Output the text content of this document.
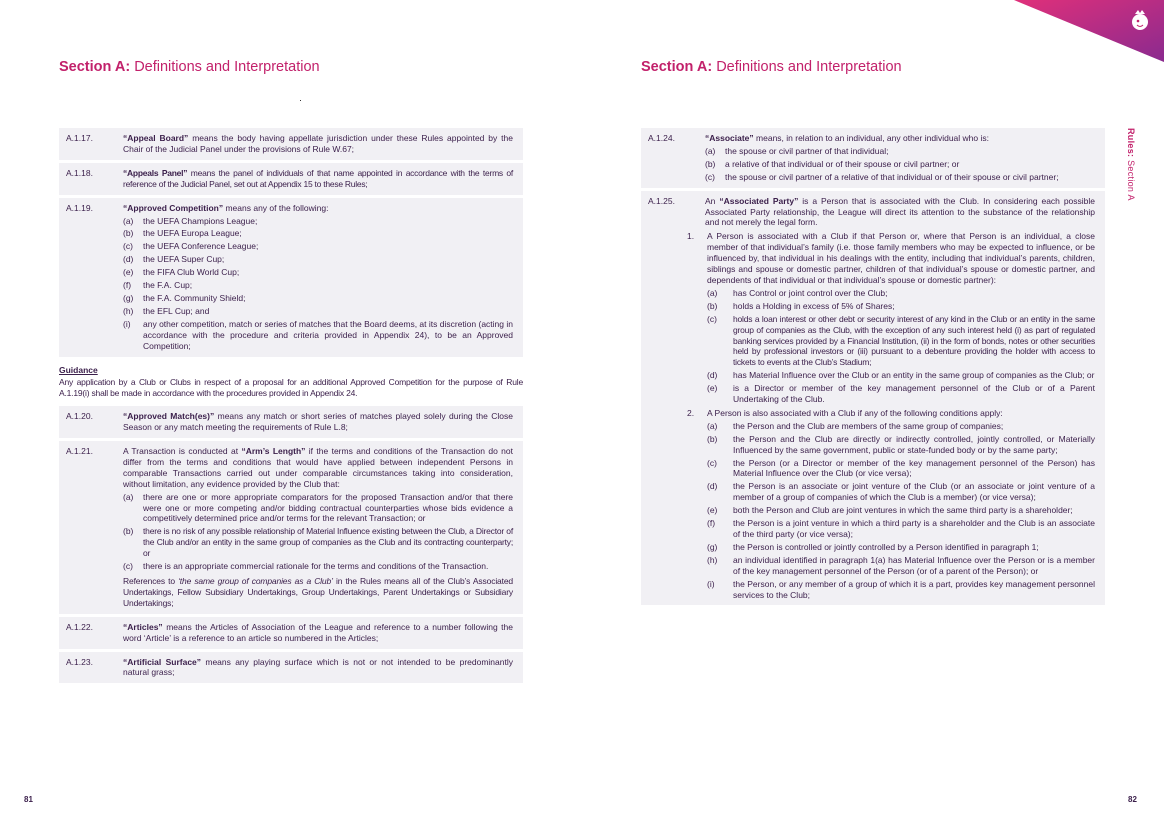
Section A: Definitions and Interpretation	Section A: Definitions and Interpretation
Rules: Section A
A.1.17.	“Appeal Board” means the body having appellate jurisdiction under these Rules appointed by the Chair of the Judicial Panel under the provisions of Rule W.67;
A.1.18.	“Appeals Panel” means the panel of individuals of that name appointed in accordance with the terms of reference of the Judicial Panel, set out at Appendix 15 to these Rules;
A.1.19.	“Approved Competition” means any of the following:
(a)	the UEFA Champions League;
(b)	the UEFA Europa League;
(c)	the UEFA Conference League;
(d)	the UEFA Super Cup;
(e)	the FIFA Club World Cup;
(f)	the F.A. Cup;
(g)	the F.A. Community Shield;
(h)	the EFL Cup; and
(i)	any other competition, match or series of matches that the Board deems, at its discretion (acting in accordance with the procedure and criteria provided in Appendix 24), to be an Approved Competition;
Guidance
Any application by a Club or Clubs in respect of a proposal for an additional Approved Competition for the purpose of Rule A.1.19(i) shall be made in accordance with the procedures provided in Appendix 24.
A.1.20.	“Approved Match(es)” means any match or short series of matches played solely during the Close Season or any match meeting the requirements of Rule L.8;
A.1.21.	A Transaction is conducted at “Arm’s Length” if the terms and conditions of the Transaction do not differ from the terms and conditions that would have applied between independent Persons in comparable Transactions carried out under comparable circumstances taking into consideration, without limitation, any evidence provided by the Club that:
(a)	there are one or more appropriate comparators for the proposed Transaction and/or that there were one or more competing and/or bidding contractual counterparties whose bids evidence a competitively determined price and/or terms for the relevant Transaction; or
(b)	there is no risk of any possible relationship of Material Influence existing between the Club, a Director of the Club and/or an entity in the same group of companies as the Club and its contracting counterparty; or
(c)	there is an appropriate commercial rationale for the terms and conditions of the Transaction.
References to ‘the same group of companies as a Club’ in the Rules means all of the Club’s Associated Undertakings, Fellow Subsidiary Undertakings, Group Undertakings, Parent Undertakings or Subsidiary Undertakings;
A.1.22.	“Articles” means the Articles of Association of the League and reference to a number following the word ‘Article’ is a reference to an article so numbered in the Articles;
A.1.23.	“Artificial Surface” means any playing surface which is not or not intended to be predominantly natural grass;
A.1.24.	“Associate” means, in relation to an individual, any other individual who is:
(a)	the spouse or civil partner of that individual;
(b)	a relative of that individual or of their spouse or civil partner; or
(c)	the spouse or civil partner of a relative of that individual or of their spouse or civil partner;
A.1.25.	An “Associated Party” is a Person that is associated with the Club. In considering each possible Associated Party relationship, the League will direct its attention to the substance of the relationship and not merely the legal form.
1.	A Person is associated with a Club if that Person or, where that Person is an individual, a close member of that individual’s family (i.e. those family members who may be expected to influence, or be influenced by, that individual in his dealings with the entity, including that individual’s parents, children, siblings and spouse or domestic partner, children of that individual’s spouse or domestic partner, and dependents of that individual or that individual’s spouse or domestic partner):
(a)	has Control or joint control over the Club;
(b)	holds a Holding in excess of 5% of Shares;
(c)	holds a loan interest or other debt or security interest of any kind in the Club or an entity in the same group of companies as the Club, with the exception of any such interest held (i) as part of regulated banking services provided by a Financial Institution, (ii) in the form of bonds, notes or other securities held by professional investors or (iii) pursuant to a debenture providing the holder with access to tickets to events at the Club’s Stadium;
(d)	has Material Influence over the Club or an entity in the same group of companies as the Club; or
(e)	is a Director or member of the key management personnel of the Club or of a Parent Undertaking of the Club.
2.	A Person is also associated with a Club if any of the following conditions apply:
(a)	the Person and the Club are members of the same group of companies;
(b)	the Person and the Club are directly or indirectly controlled, jointly controlled, or Materially Influenced by the same government, public or state-funded body or by the same party;
(c)	the Person (or a Director or member of the key management personnel of the Person) has Material Influence over the Club (or vice versa);
(d)	the Person is an associate or joint venture of the Club (or an associate or joint venture of a member of a group of companies of which the Club is a member) (or vice versa);
(e)	both the Person and Club are joint ventures in which the same third party is a shareholder;
(f)	the Person is a joint venture in which a third party is a shareholder and the Club is an associate of the third party (or vice versa);
(g)	the Person is controlled or jointly controlled by a Person identified in paragraph 1;
(h)	an individual identified in paragraph 1(a) has Material Influence over the Person or is a member of the key management personnel of the Person (or of a parent of the Person); or
(i)	the Person, or any member of a group of which it is a part, provides key management personnel services to the Club;
81	82
